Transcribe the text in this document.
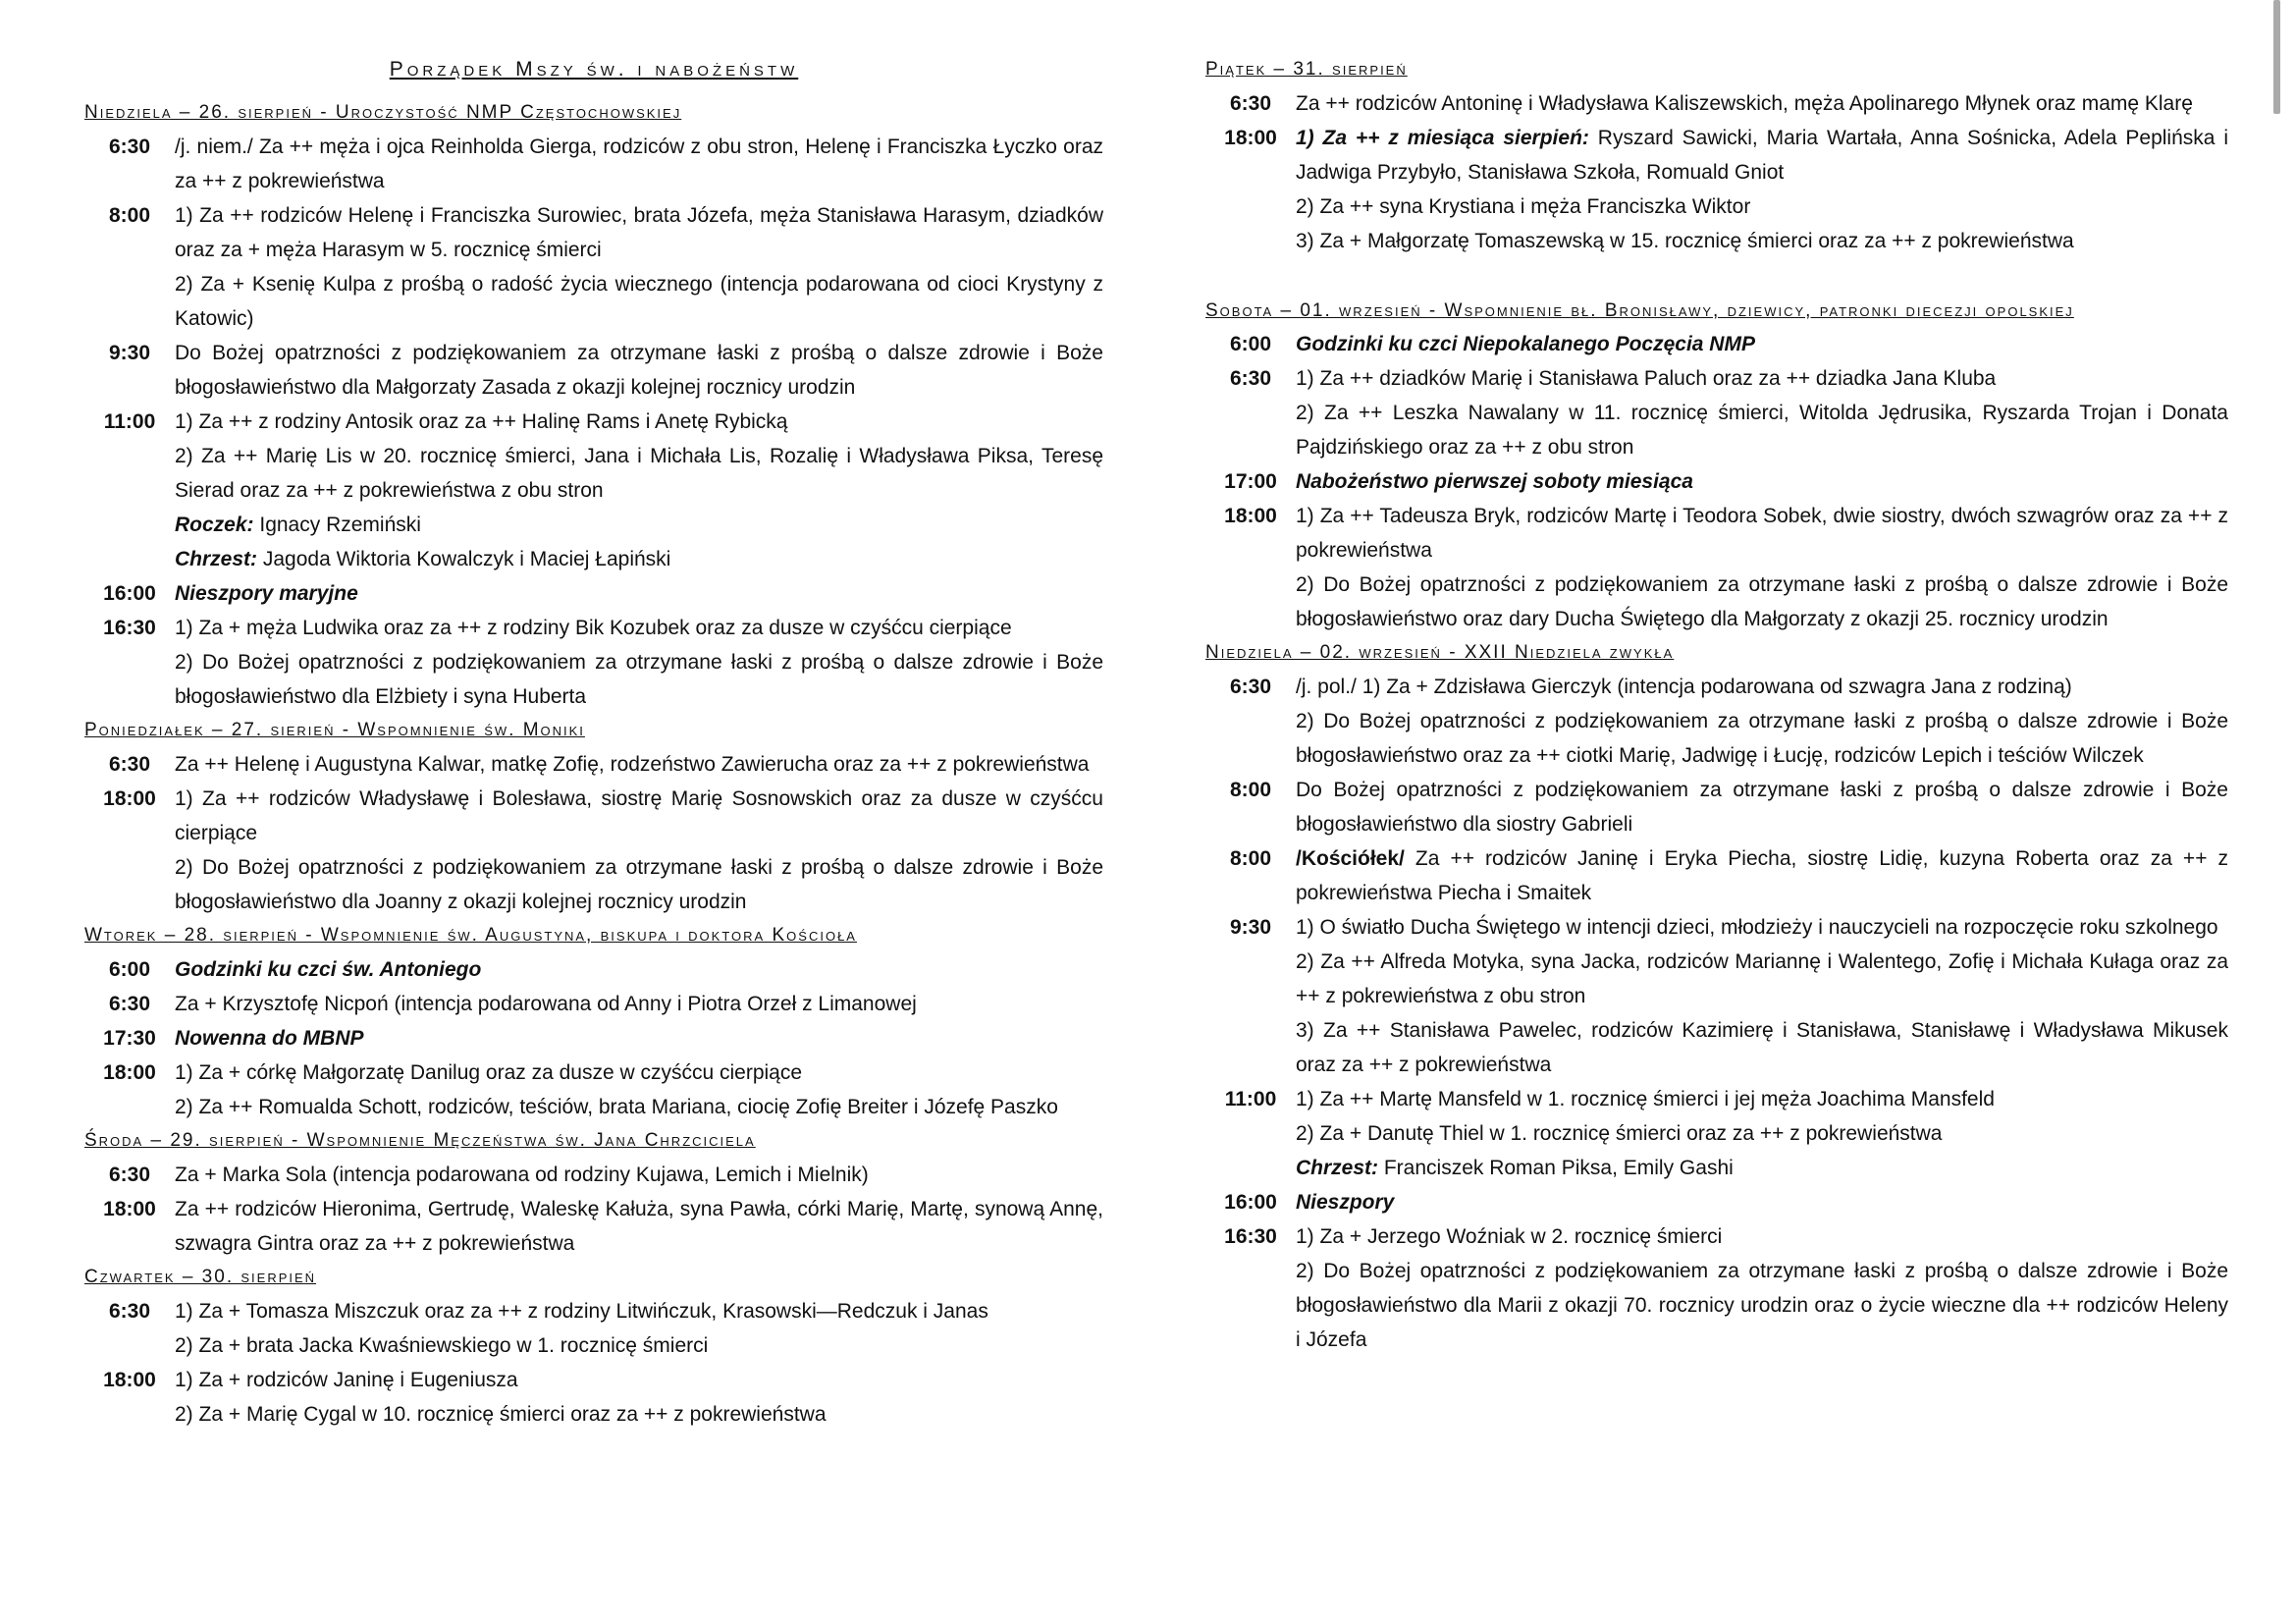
Porządek Mszy św. i nabożeństw
Niedziela – 26. sierpień - Uroczystość NMP Częstochowskiej
6:30	/j. niem./ Za ++ męża i ojca Reinholda Gierga, rodziców z obu stron, Helenę i Franciszka Łyczko oraz za ++ z pokrewieństwa
8:00	1) Za ++ rodziców Helenę i Franciszka Surowiec, brata Józefa, męża Stanisława Harasym, dziadków oraz za + męża Harasym w 5. rocznicę śmierci
2) Za + Ksenię Kulpa z prośbą o radość życia wiecznego (intencja podarowana od cioci Krystyny z Katowic)
9:30	Do Bożej opatrzności z podziękowaniem za otrzymane łaski z prośbą o dalsze zdrowie i Boże błogosławieństwo dla Małgorzaty Zasada z okazji kolejnej rocznicy urodzin
11:00 1) Za ++ z rodziny Antosik oraz za ++ Halinę Rams i Anetę Rybicką
2) Za ++ Marię Lis w 20. rocznicę śmierci, Jana i Michała Lis, Rozalię i Władysława Piksa, Teresę Sierad oraz za ++ z pokrewieństwa z obu stron
Roczek: Ignacy Rzemiński
Chrzest: Jagoda Wiktoria Kowalczyk i Maciej Łapiński
16:00 Nieszpory maryjne
16:30 1) Za + męża Ludwika oraz za ++ z rodziny Bik Kozubek oraz za dusze w czyśćcu cierpiące
2) Do Bożej opatrzności z podziękowaniem za otrzymane łaski z prośbą o dalsze zdrowie i Boże błogosławieństwo dla Elżbiety i syna Huberta
Poniedziałek – 27. sierień - Wspomnienie św. Moniki
6:30	Za ++ Helenę i Augustyna Kalwar, matkę Zofię, rodzeństwo Zawierucha oraz za ++ z pokrewieństwa
18:00 1) Za ++ rodziców Władysławę i Bolesława, siostrę Marię Sosnowskich oraz za dusze w czyśćcu cierpiące
2) Do Bożej opatrzności z podziękowaniem za otrzymane łaski z prośbą o dalsze zdrowie i Boże błogosławieństwo dla Joanny z okazji kolejnej rocznicy urodzin
Wtorek – 28. sierpień - Wspomnienie św. Augustyna, biskupa i doktora Kościoła
6:00	Godzinki ku czci św. Antoniego
6:30	Za + Krzysztofę Nicpoń (intencja podarowana od Anny i Piotra Orzeł z Limanowej
17:30 Nowenna do MBNP
18:00 1) Za + córkę Małgorzatę Danilug oraz za dusze w czyśćcu cierpiące
2) Za ++ Romualda Schott, rodziców, teściów, brata Mariana, ciocię Zofię Breiter i Józefę Paszko
Środa – 29. sierpień - Wspomnienie Męczeństwa św. Jana Chrzciciela
6:30	Za + Marka Sola (intencja podarowana od rodziny Kujawa, Lemich i Mielnik)
18:00 Za ++ rodziców Hieronima, Gertrudę, Waleskę Kałuża, syna Pawła, córki Marię, Martę, synową Annę, szwagra Gintra oraz za ++ z pokrewieństwa
Czwartek – 30. sierpień
6:30	1) Za + Tomasza Miszczuk oraz za ++ z rodziny Litwińczuk, Krasowski—Redczuk i Janas
2) Za + brata Jacka Kwaśniewskiego w 1. rocznicę śmierci
18:00 1) Za + rodziców Janinę i Eugeniusza
2) Za + Marię Cygal w 10. rocznicę śmierci oraz za ++ z pokrewieństwa
Piątek – 31. sierpień
6:30	Za ++ rodziców Antoninę i Władysława Kaliszewskich, męża Apolinarego Młynek oraz mamę Klarę
18:00 1) Za ++ z miesiąca sierpień: Ryszard Sawicki, Maria Wartała, Anna Sośnicka, Adela Peplińska i Jadwiga Przybyło, Stanisława Szkoła, Romuald Gniot
2) Za ++ syna Krystiana i męża Franciszka Wiktor
3) Za + Małgorzatę Tomaszewską w 15. rocznicę śmierci oraz za ++ z pokrewieństwa
Sobota – 01. wrzesień - Wspomnienie bł. Bronisławy, dziewicy, patronki diecezji opolskiej
6:00	Godzinki ku czci Niepokalanego Poczęcia NMP
6:30	1) Za ++ dziadków Marię i Stanisława Paluch oraz za ++ dziadka Jana Kluba
2) Za ++ Leszka Nawalany w 11. rocznicę śmierci, Witolda Jędrusika, Ryszarda Trojan i Donata Pajdzińskiego oraz za ++ z obu stron
17:00 Nabożeństwo pierwszej soboty miesiąca
18:00 1) Za ++ Tadeusza Bryk, rodziców Martę i Teodora Sobek, dwie siostry, dwóch szwagrów oraz za ++ z pokrewieństwa
2) Do Bożej opatrzności z podziękowaniem za otrzymane łaski z prośbą o dalsze zdrowie i Boże błogosławieństwo oraz dary Ducha Świętego dla Małgorzaty z okazji 25. rocznicy urodzin
Niedziela – 02. wrzesień - XXII Niedziela zwykła
6:30	/j. pol./ 1) Za + Zdzisława Gierczyk (intencja podarowana od szwagra Jana z rodziną)
2) Do Bożej opatrzności z podziękowaniem za otrzymane łaski z prośbą o dalsze zdrowie i Boże błogosławieństwo oraz za ++ ciotki Marię, Jadwigę i Łucję, rodziców Lepich i teściów Wilczek
8:00	Do Bożej opatrzności z podziękowaniem za otrzymane łaski z prośbą o dalsze zdrowie i Boże błogosławieństwo dla siostry Gabrieli
8:00	/Kościółek/ Za ++ rodziców Janinę i Eryka Piecha, siostrę Lidię, kuzyna Roberta oraz za ++ z pokrewieństwa Piecha i Smaitek
9:30	1) O światło Ducha Świętego w intencji dzieci, młodzieży i nauczycieli na rozpoczęcie roku szkolnego
2) Za ++ Alfreda Motyka, syna Jacka, rodziców Mariannę i Walentego, Zofię i Michała Kułaga oraz za ++ z pokrewieństwa z obu stron
3) Za ++ Stanisława Pawelec, rodziców Kazimierę i Stanisława, Stanisławę i Władysława Mikusek oraz za ++ z pokrewieństwa
11:00 1) Za ++ Martę Mansfeld w 1. rocznicę śmierci i jej męża Joachima Mansfeld
2) Za + Danutę Thiel w 1. rocznicę śmierci oraz za ++ z pokrewieństwa
Chrzest: Franciszek Roman Piksa, Emily Gashi
16:00 Nieszpory
16:30 1) Za + Jerzego Woźniak w 2. rocznicę śmierci
2) Do Bożej opatrzności z podziękowaniem za otrzymane łaski z prośbą o dalsze zdrowie i Boże błogosławieństwo dla Marii z okazji 70. rocznicy urodzin oraz o życie wieczne dla ++ rodziców Heleny i Józefa
